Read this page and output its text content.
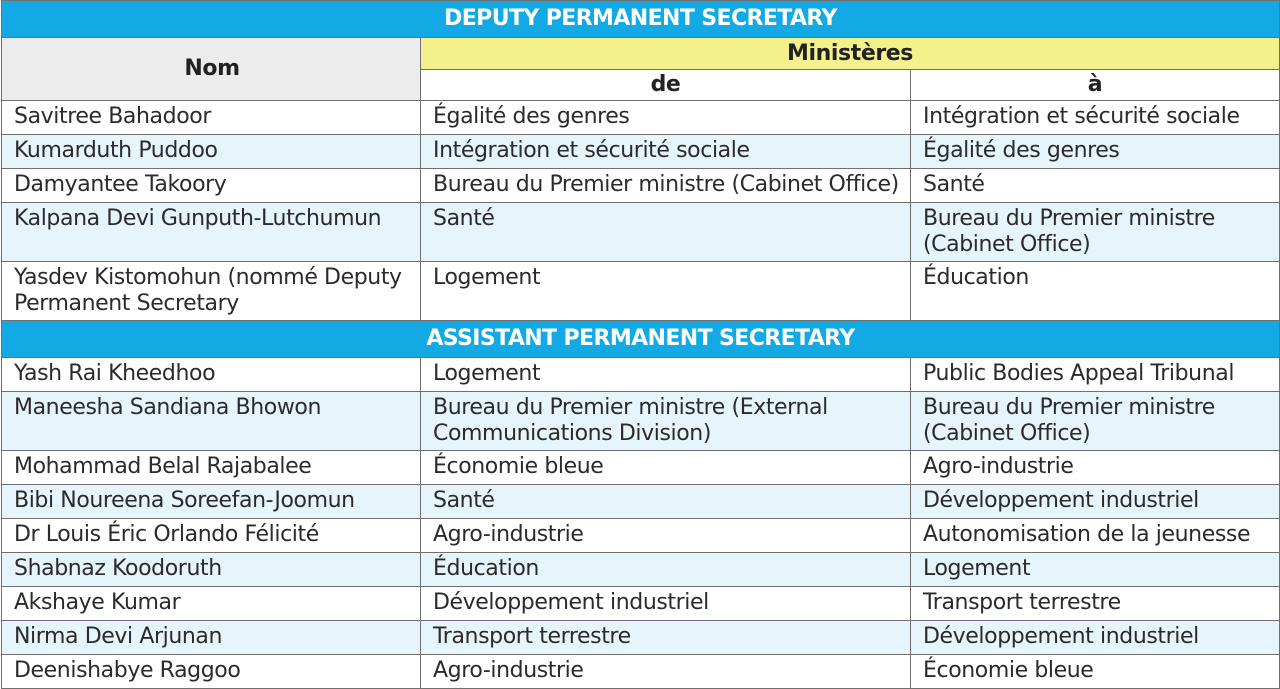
DEPUTY PERMANENT SECRETARY		
Nom	Ministères	
	de	à
Savitree Bahadoor	Égalité des genres	Intégration et sécurité sociale
Kumarduth Puddoo	Intégration et sécurité sociale	Égalité des genres
Damyantee Takoory	Bureau du Premier ministre (Cabinet Office)	Santé
Kalpana Devi Gunputh-Lutchumun	Santé	Bureau du Premier ministre (Cabinet Office)
Yasdev Kistomohun (nommé Deputy Permanent Secretary	Logement	Éducation
ASSISTANT PERMANENT SECRETARY		
Yash Rai Kheedhoo	Logement	Public Bodies Appeal Tribunal
Maneesha Sandiana Bhowon	Bureau du Premier ministre (External Communications Division)	Bureau du Premier ministre (Cabinet Office)
Mohammad Belal Rajabalee	Économie bleue	Agro-industrie
Bibi Noureena Soreefan-Joomun	Santé	Développement industriel
Dr Louis Éric Orlando Félicité	Agro-industrie	Autonomisation de la jeunesse
Shabnaz Koodoruth	Éducation	Logement
Akshaye Kumar	Développement industriel	Transport terrestre
Nirma Devi Arjunan	Transport terrestre	Développement industriel
Deenishabye Raggoo	Agro-industrie	Économie bleue
